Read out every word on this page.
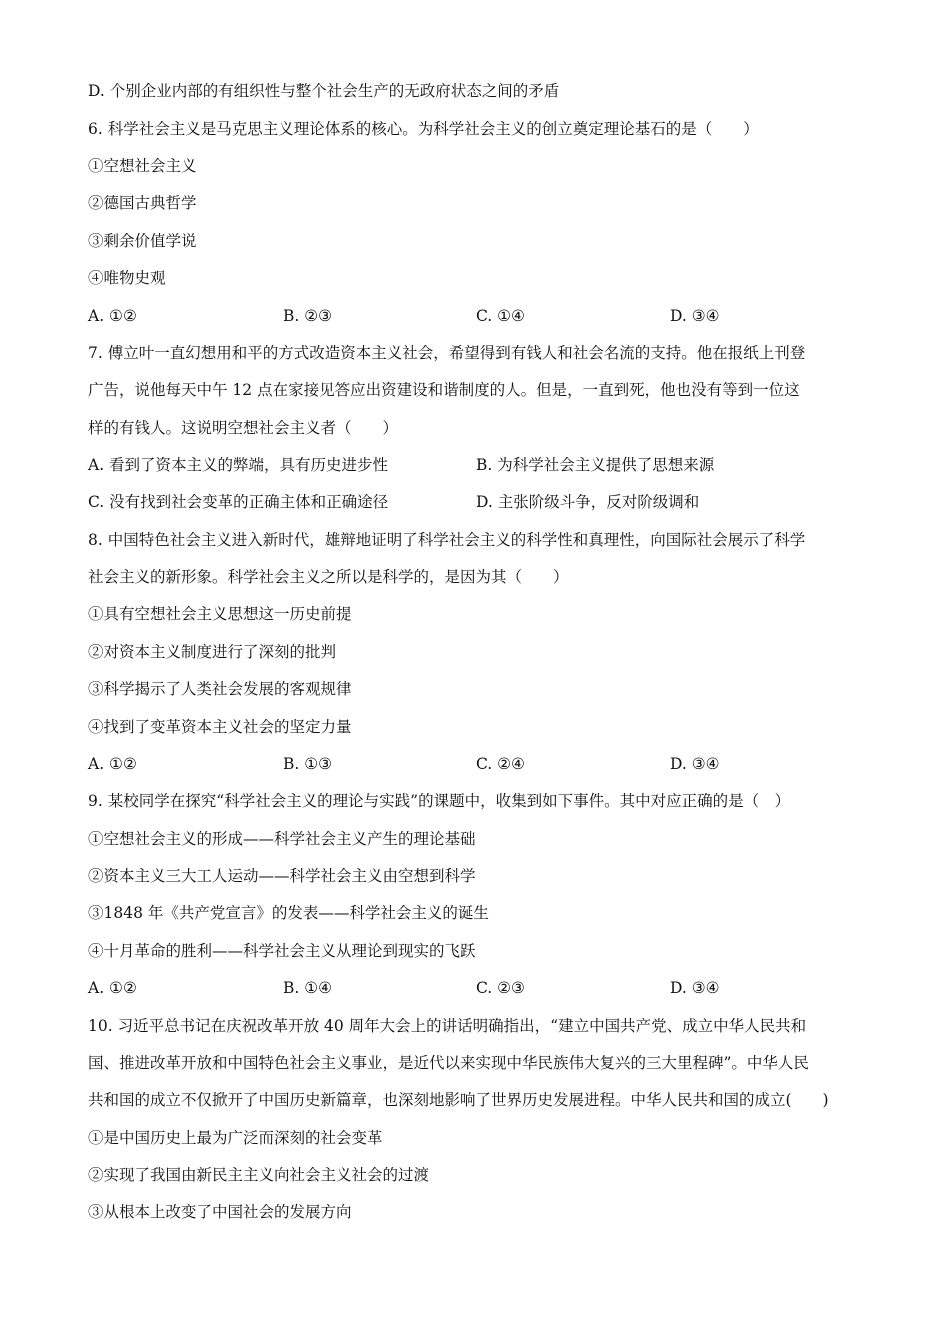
D. 个别企业内部的有组织性与整个社会生产的无政府状态之间的矛盾
6. 科学社会主义是马克思主义理论体系的核心。为科学社会主义的创立奠定理论基石的是（　　）
①空想社会主义
②德国古典哲学
③剩余价值学说
④唯物史观
A. ①②	B. ②③	C. ①④	D. ③④
7. 傅立叶一直幻想用和平的方式改造资本主义社会，希望得到有钱人和社会名流的支持。他在报纸上刊登
广告，说他每天中午 12 点在家接见答应出资建设和谐制度的人。但是，一直到死，他也没有等到一位这
样的有钱人。这说明空想社会主义者（　　）
A. 看到了资本主义的弊端，具有历史进步性	B. 为科学社会主义提供了思想来源
C. 没有找到社会变革的正确主体和正确途径	D. 主张阶级斗争，反对阶级调和
8. 中国特色社会主义进入新时代，雄辩地证明了科学社会主义的科学性和真理性，向国际社会展示了科学
社会主义的新形象。科学社会主义之所以是科学的，是因为其（　　）
①具有空想社会主义思想这一历史前提
②对资本主义制度进行了深刻的批判
③科学揭示了人类社会发展的客观规律
④找到了变革资本主义社会的坚定力量
A. ①②	B. ①③	C. ②④	D. ③④
9. 某校同学在探究“科学社会主义的理论与实践”的课题中，收集到如下事件。其中对应正确的是（　）
①空想社会主义的形成——科学社会主义产生的理论基础
②资本主义三大工人运动——科学社会主义由空想到科学
③1848 年《共产党宣言》的发表——科学社会主义的诞生
④十月革命的胜利——科学社会主义从理论到现实的飞跃
A. ①②	B. ①④	C. ②③	D. ③④
10. 习近平总书记在庆祝改革开放 40 周年大会上的讲话明确指出，“建立中国共产党、成立中华人民共和
国、推进改革开放和中国特色社会主义事业，是近代以来实现中华民族伟大复兴的三大里程碑”。中华人民
共和国的成立不仅掀开了中国历史新篇章，也深刻地影响了世界历史发展进程。中华人民共和国的成立(　　)
①是中国历史上最为广泛而深刻的社会变革
②实现了我国由新民主主义向社会主义社会的过渡
③从根本上改变了中国社会的发展方向
